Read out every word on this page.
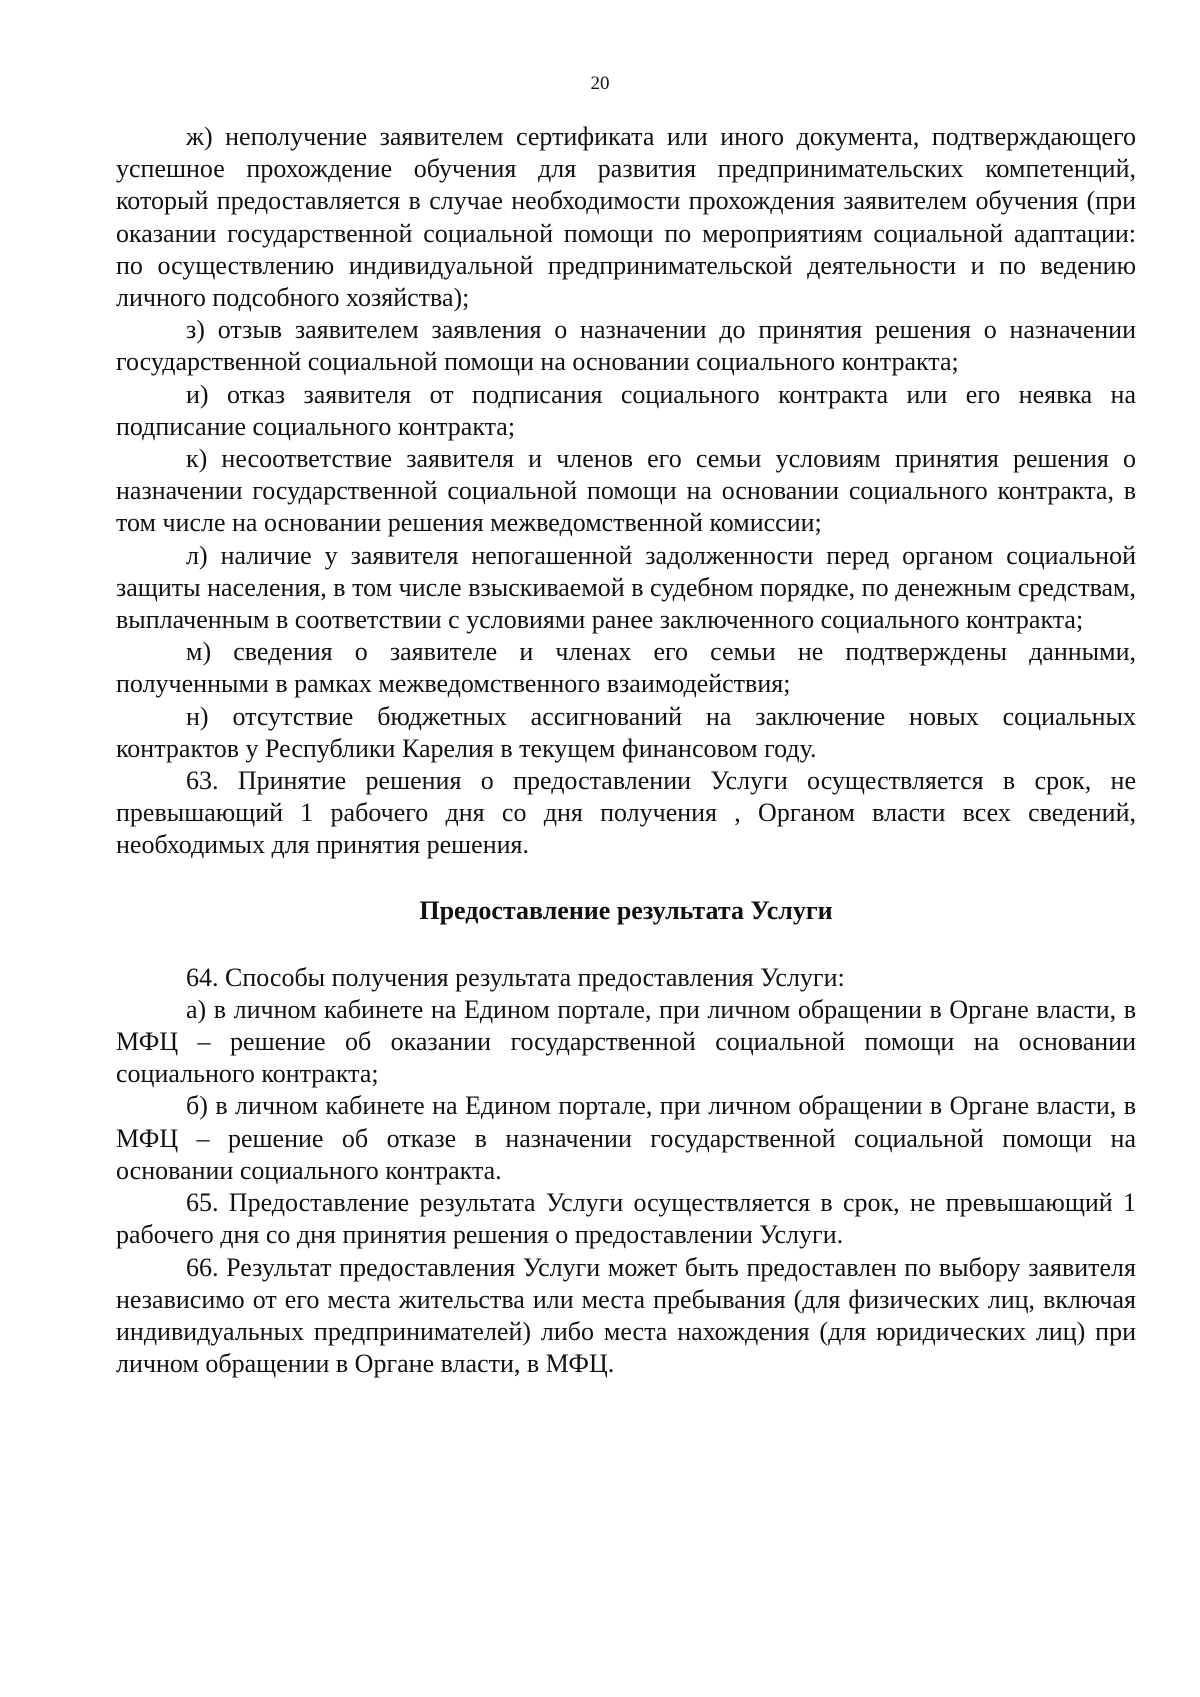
20

ж) неполучение заявителем сертификата или иного документа, подтверждающего успешное прохождение обучения для развития предпринимательских компетенций, который предоставляется в случае необходимости прохождения заявителем обучения (при оказании государственной социальной помощи по мероприятиям социальной адаптации: по осуществлению индивидуальной предпринимательской деятельности и по ведению личного подсобного хозяйства);

з) отзыв заявителем заявления о назначении до принятия решения о назначении государственной социальной помощи на основании социального контракта;

и) отказ заявителя от подписания социального контракта или его неявка на подписание социального контракта;

к) несоответствие заявителя и членов его семьи условиям принятия решения о назначении государственной социальной помощи на основании социального контракта, в том числе на основании решения межведомственной комиссии;

л) наличие у заявителя непогашенной задолженности перед органом социальной защиты населения, в том числе взыскиваемой в судебном порядке, по денежным средствам, выплаченным в соответствии с условиями ранее заключенного социального контракта;

м) сведения о заявителе и членах его семьи не подтверждены данными, полученными в рамках межведомственного взаимодействия;

н) отсутствие бюджетных ассигнований на заключение новых социальных контрактов у Республики Карелия в текущем финансовом году.

63. Принятие решения о предоставлении Услуги осуществляется в срок, не превышающий 1 рабочего дня со дня получения , Органом власти всех сведений, необходимых для принятия решения.

Предоставление результата Услуги

64. Способы получения результата предоставления Услуги:

а) в личном кабинете на Едином портале, при личном обращении в Органе власти, в МФЦ – решение об оказании государственной социальной помощи на основании социального контракта;

б) в личном кабинете на Едином портале, при личном обращении в Органе власти, в МФЦ – решение об отказе в назначении государственной социальной помощи на основании социального контракта.

65. Предоставление результата Услуги осуществляется в срок, не превышающий 1 рабочего дня со дня принятия решения о предоставлении Услуги.

66. Результат предоставления Услуги может быть предоставлен по выбору заявителя независимо от его места жительства или места пребывания (для физических лиц, включая индивидуальных предпринимателей) либо места нахождения (для юридических лиц) при личном обращении в Органе власти, в МФЦ.
